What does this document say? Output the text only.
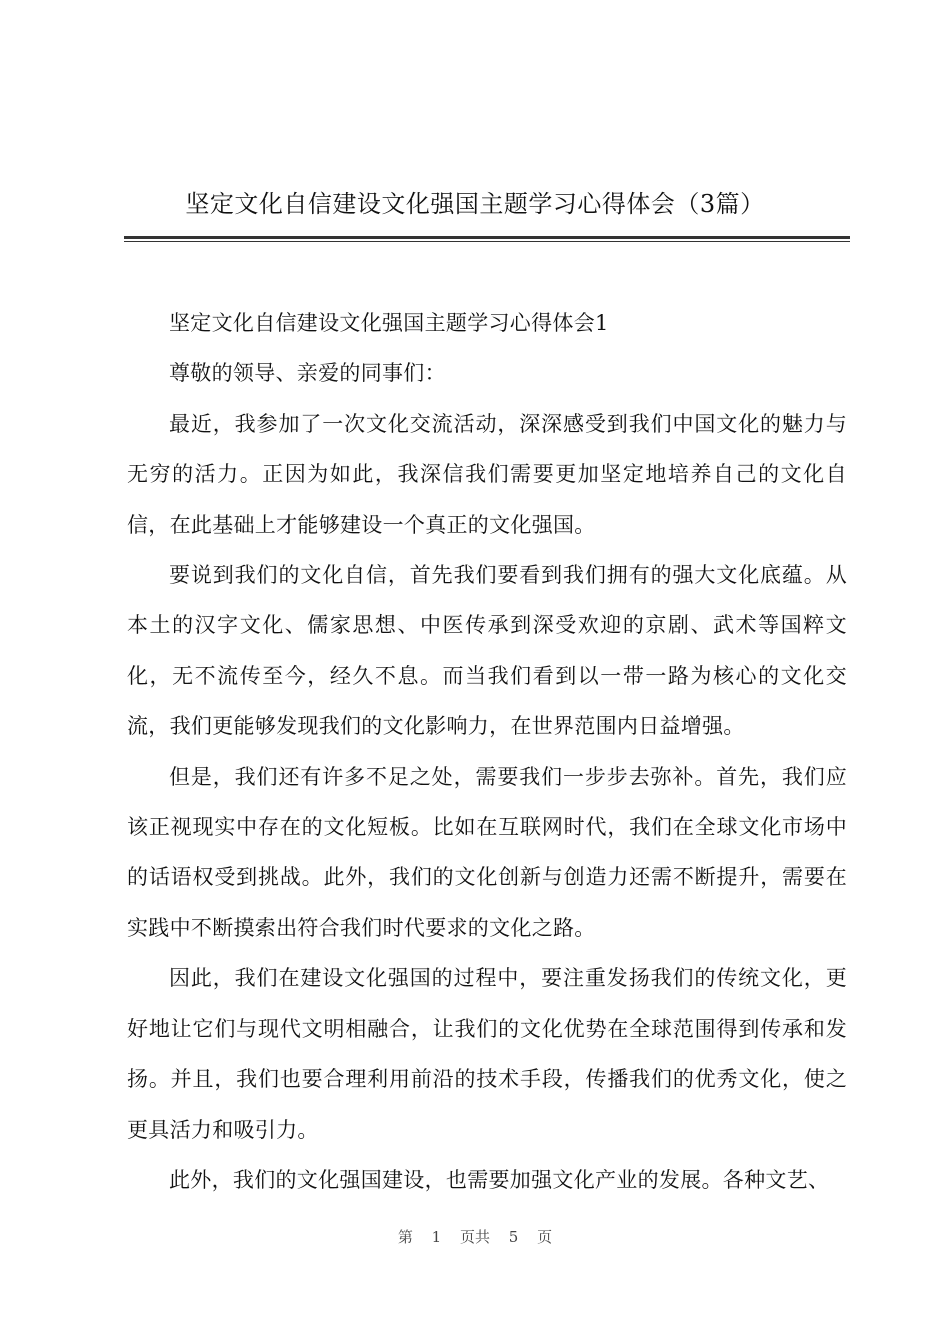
坚定文化自信建设文化强国主题学习心得体会（3篇）

坚定文化自信建设文化强国主题学习心得体会1

尊敬的领导、亲爱的同事们：

最近，我参加了一次文化交流活动，深深感受到我们中国文化的魅力与无穷的活力。正因为如此，我深信我们需要更加坚定地培养自己的文化自信，在此基础上才能够建设一个真正的文化强国。

要说到我们的文化自信，首先我们要看到我们拥有的强大文化底蕴。从本土的汉字文化、儒家思想、中医传承到深受欢迎的京剧、武术等国粹文化，无不流传至今，经久不息。而当我们看到以一带一路为核心的文化交流，我们更能够发现我们的文化影响力，在世界范围内日益增强。

但是，我们还有许多不足之处，需要我们一步步去弥补。首先，我们应该正视现实中存在的文化短板。比如在互联网时代，我们在全球文化市场中的话语权受到挑战。此外，我们的文化创新与创造力还需不断提升，需要在实践中不断摸索出符合我们时代要求的文化之路。

因此，我们在建设文化强国的过程中，要注重发扬我们的传统文化，更好地让它们与现代文明相融合，让我们的文化优势在全球范围得到传承和发扬。并且，我们也要合理利用前沿的技术手段，传播我们的优秀文化，使之更具活力和吸引力。

此外，我们的文化强国建设，也需要加强文化产业的发展。各种文艺、

第 1 页共 5 页
